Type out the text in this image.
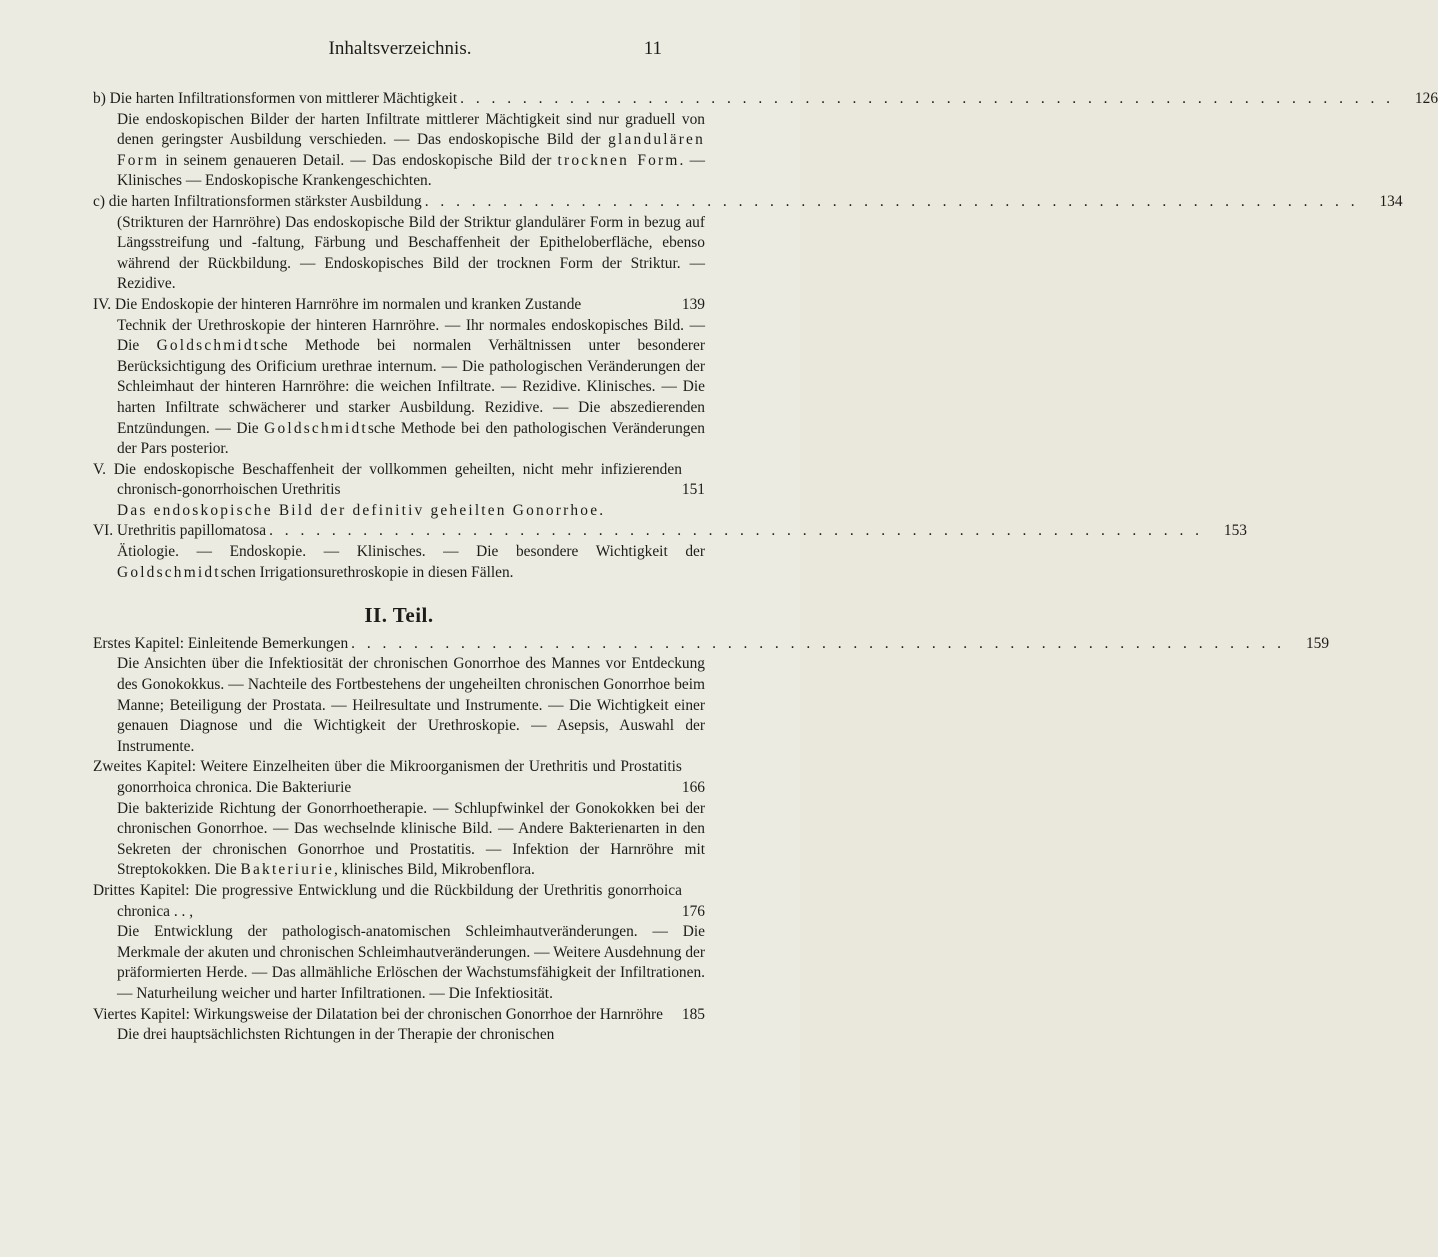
Inhaltsverzeichnis.	11
b) Die harten Infiltrationsformen von mittlerer Mächtigkeit . . . . . . . . . . . . . . . . . . . . . . . . . . . . . . . . . . . . . . . . . . . . . . . . . . . . . . . . . . . .	126
Die endoskopischen Bilder der harten Infiltrate mittlerer Mächtigkeit sind nur graduell von denen geringster Ausbildung verschieden. — Das endoskopische Bild der glandulären Form in seinem genaueren Detail. — Das endoskopische Bild der trocknen Form. — Klinisches — Endoskopische Krankengeschichten.
c) die harten Infiltrationsformen stärkster Ausbildung . . . . . . . . . . . . . . . . . . . . . . . . . . . . . . . . . . . . . . . . . . . . . . . . . . . . . . . . . . . .	134
(Strikturen der Harnröhre) Das endoskopische Bild der Striktur glandulärer Form in bezug auf Längsstreifung und -faltung, Färbung und Beschaffenheit der Epitheloberfläche, ebenso während der Rückbildung. — Endoskopisches Bild der trocknen Form der Striktur. — Rezidive.
IV. Die Endoskopie der hinteren Harnröhre im normalen und kranken Zustande	139
Technik der Urethroskopie der hinteren Harnröhre. — Ihr normales endoskopisches Bild. — Die Goldschmidtsche Methode bei normalen Verhältnissen unter besonderer Berücksichtigung des Orificium urethrae internum. — Die pathologischen Veränderungen der Schleimhaut der hinteren Harnröhre: die weichen Infiltrate. — Rezidive. Klinisches. — Die harten Infiltrate schwächerer und starker Ausbildung. Rezidive. — Die abszedierenden Entzündungen. — Die Goldschmidtsche Methode bei den pathologischen Veränderungen der Pars posterior.
V. Die endoskopische Beschaffenheit der vollkommen geheilten, nicht mehr infizierenden chronisch-gonorrhoischen Urethritis	151
Das endoskopische Bild der definitiv geheilten Gonorrhoe.
VI. Urethritis papillomatosa . . . . . . . . . . . . . . . . . . . . . . . . . . . . . . . . . . . . . . . . . . . . . . . . . . . . . . . . . . . .	153
Ätiologie. — Endoskopie. — Klinisches. — Die besondere Wichtigkeit der Goldschmidtschen Irrigationsurethroskopie in diesen Fällen.
II. Teil.
Erstes Kapitel: Einleitende Bemerkungen . . . . . . . . . . . . . . . . . . . . . . . . . . . . . . . . . . . . . . . . . . . . . . . . . . . . . . . . . . . .	159
Die Ansichten über die Infektiosität der chronischen Gonorrhoe des Mannes vor Entdeckung des Gonokokkus. — Nachteile des Fortbestehens der ungeheilten chronischen Gonorrhoe beim Manne; Beteiligung der Prostata. — Heilresultate und Instrumente. — Die Wichtigkeit einer genauen Diagnose und die Wichtigkeit der Urethroskopie. — Asepsis, Auswahl der Instrumente.
Zweites Kapitel: Weitere Einzelheiten über die Mikroorganismen der Urethritis und Prostatitis gonorrhoica chronica. Die Bakteriurie	166
Die bakterizide Richtung der Gonorrhoetherapie. — Schlupfwinkel der Gonokokken bei der chronischen Gonorrhoe. — Das wechselnde klinische Bild. — Andere Bakterienarten in den Sekreten der chronischen Gonorrhoe und Prostatitis. — Infektion der Harnröhre mit Streptokokken. Die Bakteriurie, klinisches Bild, Mikrobenflora.
Drittes Kapitel: Die progressive Entwicklung und die Rückbildung der Urethritis gonorrhoica chronica . . ,	176
Die Entwicklung der pathologisch-anatomischen Schleimhautveränderungen. — Die Merkmale der akuten und chronischen Schleimhautveränderungen. — Weitere Ausdehnung der präformierten Herde. — Das allmähliche Erlöschen der Wachstumsfähigkeit der Infiltrationen. — Naturheilung weicher und harter Infiltrationen. — Die Infektiosität.
Viertes Kapitel: Wirkungsweise der Dilatation bei der chronischen Gonorrhoe der Harnröhre	185
Die drei hauptsächlichsten Richtungen in der Therapie der chronischen
